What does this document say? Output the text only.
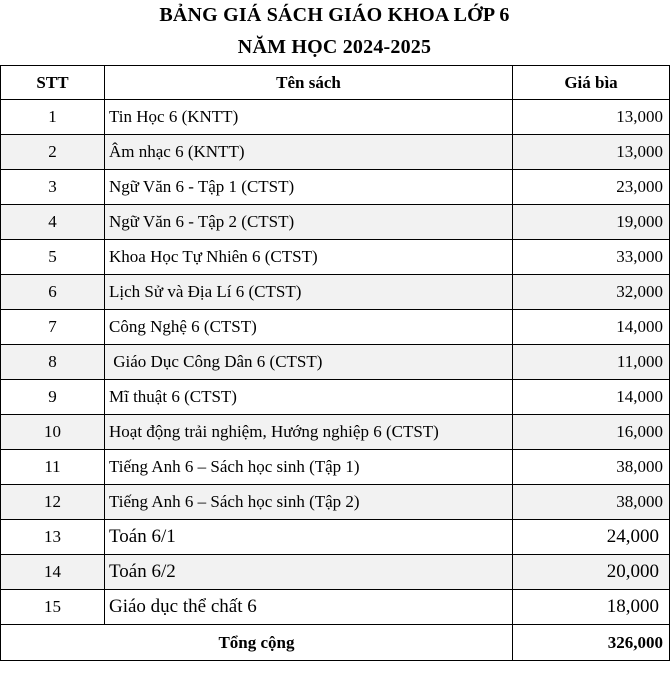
BẢNG GIÁ SÁCH GIÁO KHOA LỚP 6
NĂM HỌC 2024-2025
STT	Tên sách	Giá bìa
1	Tin Học 6 (KNTT)	13,000
2	Âm nhạc 6 (KNTT)	13,000
3	Ngữ Văn 6 - Tập 1 (CTST)	23,000
4	Ngữ Văn 6 - Tập 2 (CTST)	19,000
5	Khoa Học Tự Nhiên 6 (CTST)	33,000
6	Lịch Sử và Địa Lí 6 (CTST)	32,000
7	Công Nghệ 6 (CTST)	14,000
8	Giáo Dục Công Dân 6 (CTST)	11,000
9	Mĩ thuật 6 (CTST)	14,000
10	Hoạt động trải nghiệm, Hướng nghiệp 6 (CTST)	16,000
11	Tiếng Anh 6 – Sách học sinh (Tập 1)	38,000
12	Tiếng Anh 6 – Sách học sinh (Tập 2)	38,000
13	Toán 6/1	24,000
14	Toán 6/2	20,000
15	Giáo dục thể chất 6	18,000
Tổng cộng		326,000
